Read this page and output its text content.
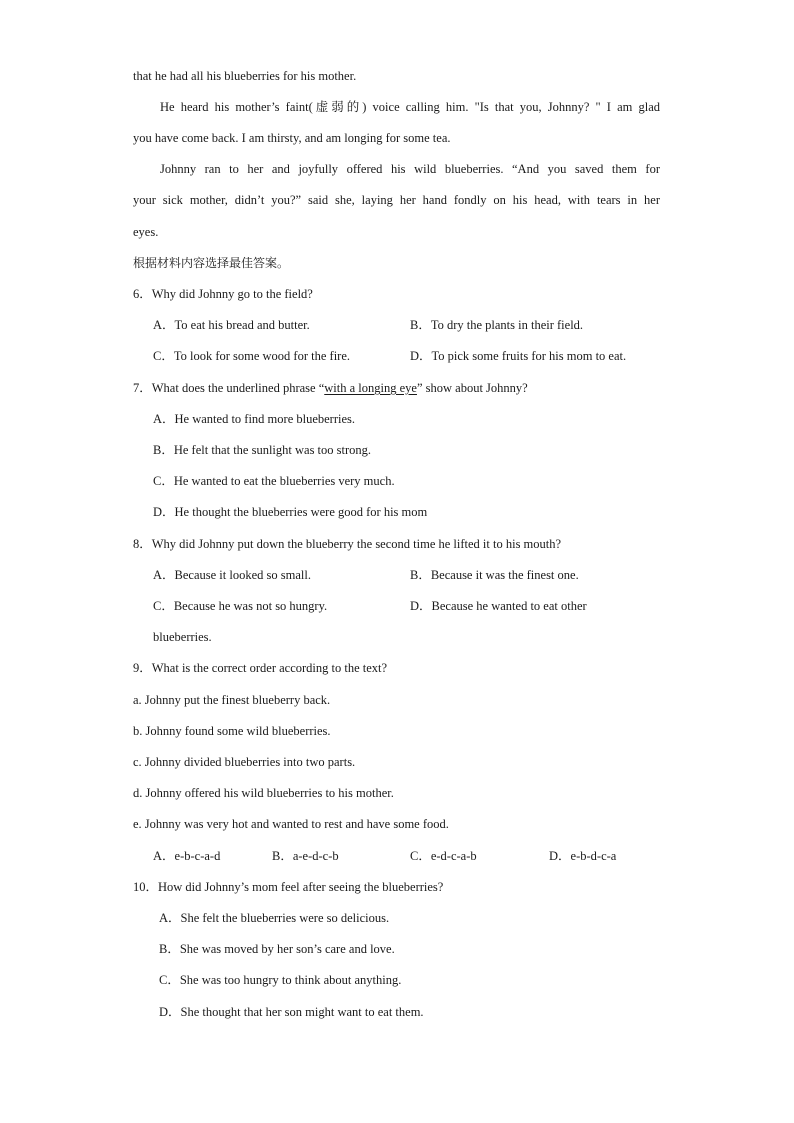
that he had all his blueberries for his mother.
He heard his mother’s faint(虚弱的) voice calling him. "Is that you, Johnny? " I am glad
you have come back. I am thirsty, and am longing for some tea.
Johnny ran to her and joyfully offered his wild blueberries. “And you saved them for
your sick mother, didn’t you?” said she, laying her hand fondly on his head, with tears in her
eyes.
根据材料内容选择最佳答案。
6．Why did Johnny go to the field?
A．To eat his bread and butter.	B．To dry the plants in their field.
C．To look for some wood for the fire.	D．To pick some fruits for his mom to eat.
7．What does the underlined phrase “with a longing eye” show about Johnny?
A．He wanted to find more blueberries.
B．He felt that the sunlight was too strong.
C．He wanted to eat the blueberries very much.
D．He thought the blueberries were good for his mom
8．Why did Johnny put down the blueberry the second time he lifted it to his mouth?
A．Because it looked so small.	B．Because it was the finest one.
C．Because he was not so hungry.	D．Because he wanted to eat other
blueberries.
9．What is the correct order according to the text?
a. Johnny put the finest blueberry back.
b. Johnny found some wild blueberries.
c. Johnny divided blueberries into two parts.
d. Johnny offered his wild blueberries to his mother.
e. Johnny was very hot and wanted to rest and have some food.
A．e-b-c-a-d	B．a-e-d-c-b	C．e-d-c-a-b	D．e-b-d-c-a
10．How did Johnny’s mom feel after seeing the blueberries?
A．She felt the blueberries were so delicious.
B．She was moved by her son’s care and love.
C．She was too hungry to think about anything.
D．She thought that her son might want to eat them.
